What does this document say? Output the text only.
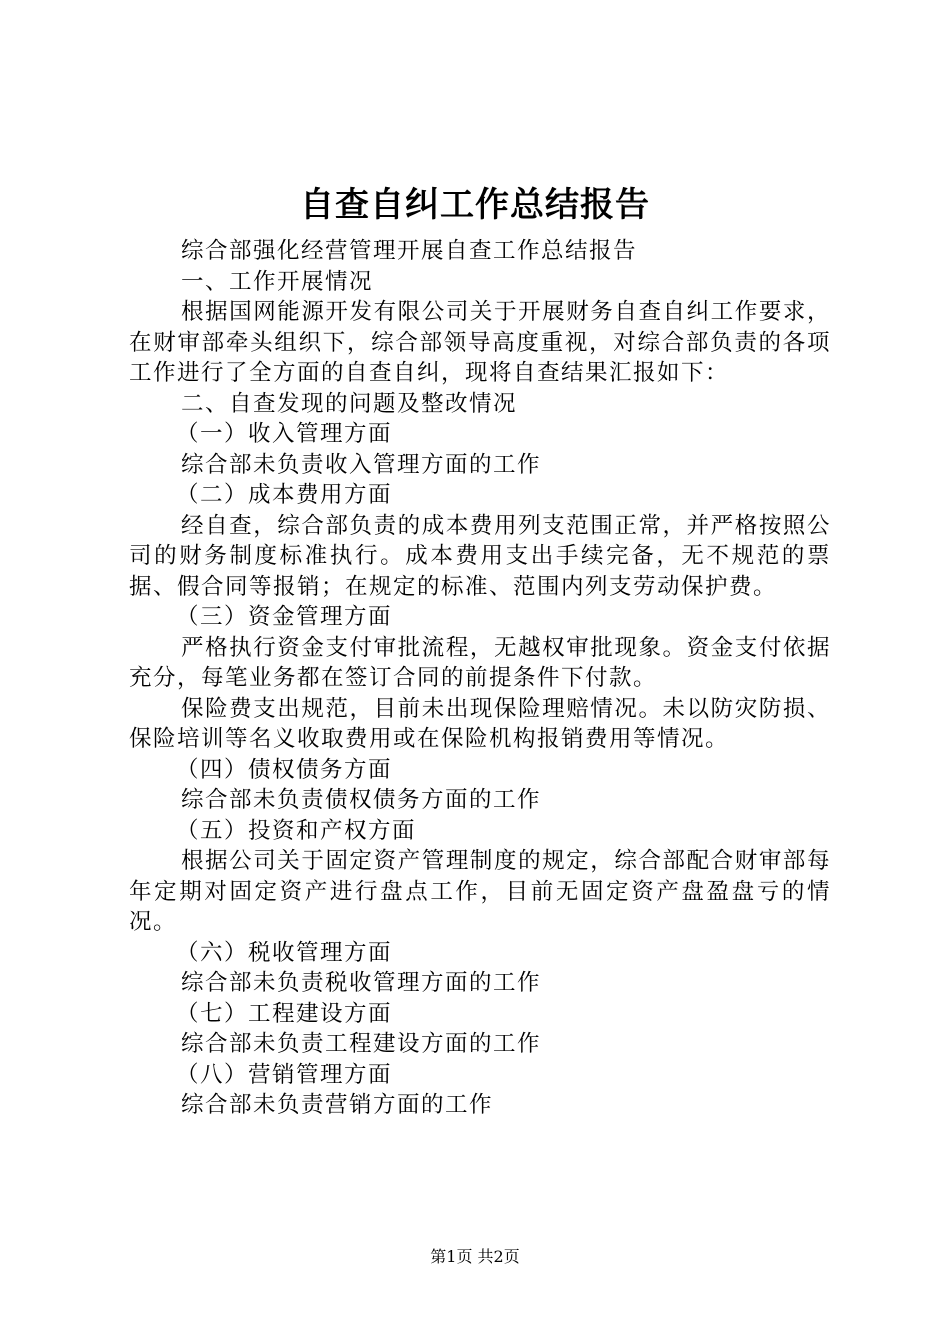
自查自纠工作总结报告
综合部强化经营管理开展自查工作总结报告
一、工作开展情况
根据国网能源开发有限公司关于开展财务自查自纠工作要求，在财审部牵头组织下，综合部领导高度重视，对综合部负责的各项工作进行了全方面的自查自纠，现将自查结果汇报如下：
二、自查发现的问题及整改情况
（一）收入管理方面
综合部未负责收入管理方面的工作
（二）成本费用方面
经自查，综合部负责的成本费用列支范围正常，并严格按照公司的财务制度标准执行。成本费用支出手续完备，无不规范的票据、假合同等报销；在规定的标准、范围内列支劳动保护费。
（三）资金管理方面
严格执行资金支付审批流程，无越权审批现象。资金支付依据充分，每笔业务都在签订合同的前提条件下付款。
保险费支出规范，目前未出现保险理赔情况。未以防灾防损、保险培训等名义收取费用或在保险机构报销费用等情况。
（四）债权债务方面
综合部未负责债权债务方面的工作
（五）投资和产权方面
根据公司关于固定资产管理制度的规定，综合部配合财审部每年定期对固定资产进行盘点工作，目前无固定资产盘盈盘亏的情况。
（六）税收管理方面
综合部未负责税收管理方面的工作
（七）工程建设方面
综合部未负责工程建设方面的工作
（八）营销管理方面
综合部未负责营销方面的工作
第1页 共2页
